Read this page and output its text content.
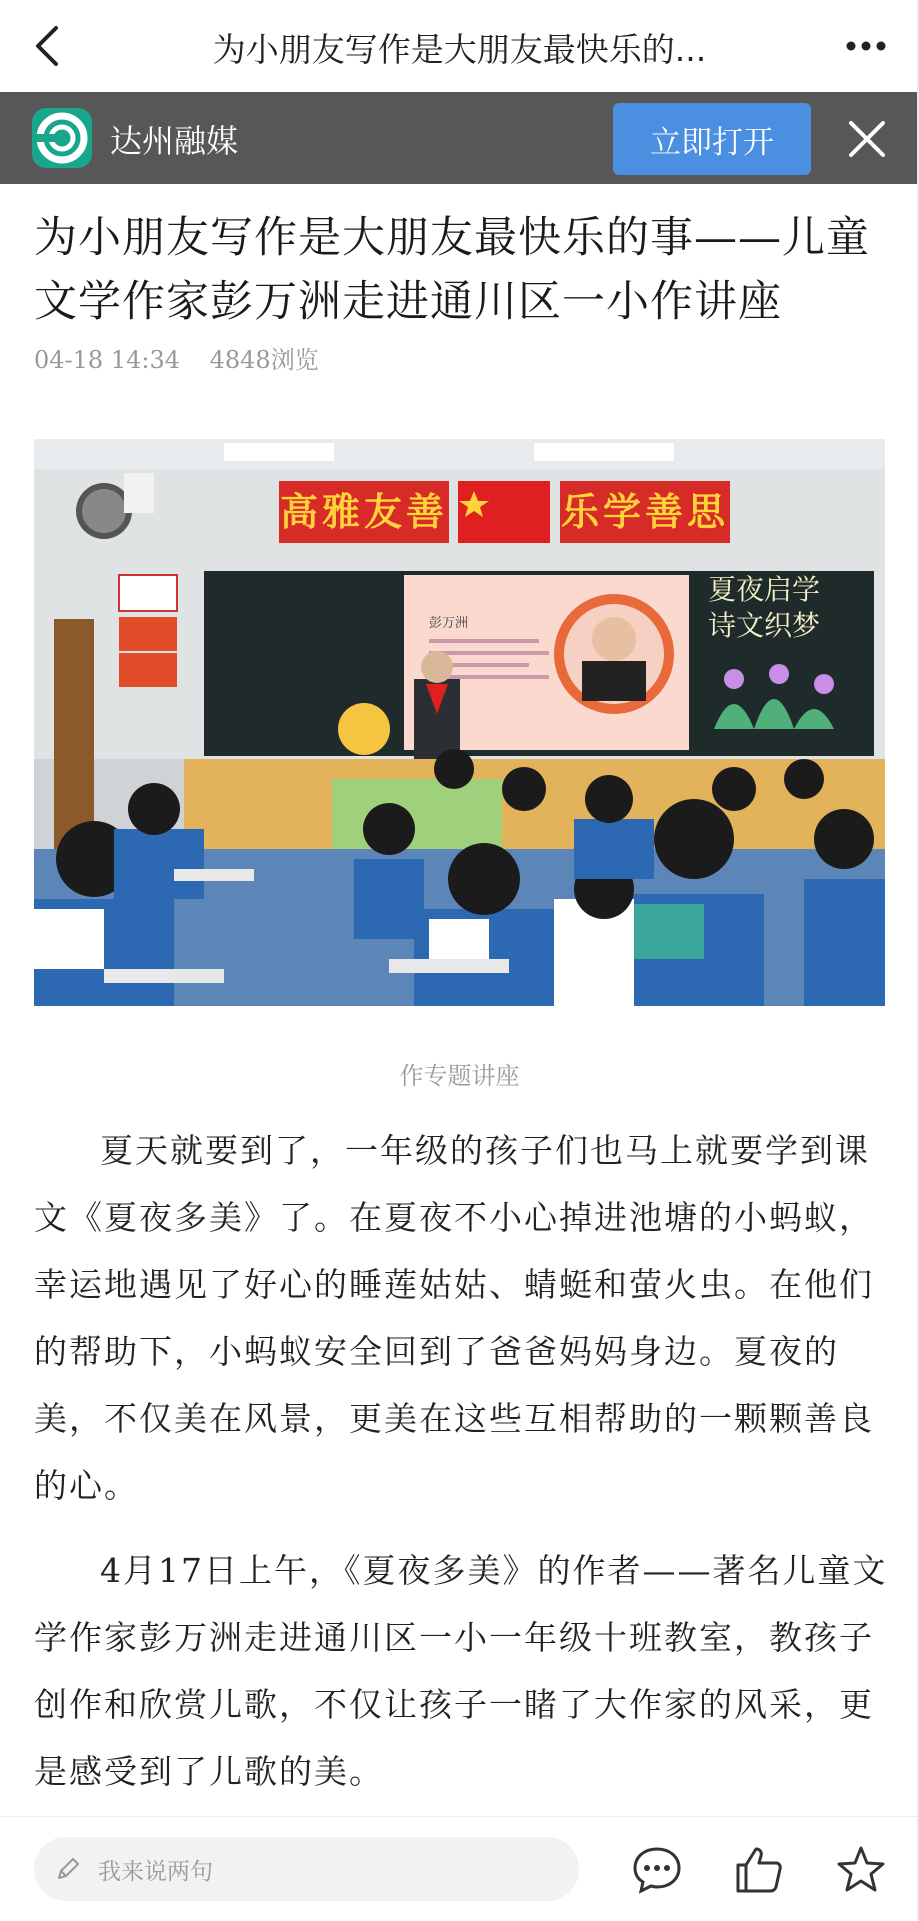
为小朋友写作是大朋友最快乐的...
达州融媒	立即打开
为小朋友写作是大朋友最快乐的事——儿童文学作家彭万洲走进通川区一小作讲座
04-18 14:34 4848浏览
高雅友善	乐学善思
彭万洲
夏夜启学
诗文织梦
作专题讲座
夏天就要到了，一年级的孩子们也马上就要学到课文《夏夜多美》了。在夏夜不小心掉进池塘的小蚂蚁，幸运地遇见了好心的睡莲姑姑、蜻蜓和萤火虫。在他们的帮助下，小蚂蚁安全回到了爸爸妈妈身边。夏夜的美，不仅美在风景，更美在这些互相帮助的一颗颗善良的心。
4月17日上午，《夏夜多美》的作者——著名儿童文学作家彭万洲走进通川区一小一年级十班教室，教孩子创作和欣赏儿歌，不仅让孩子一睹了大作家的风采，更是感受到了儿歌的美。
我来说两句
